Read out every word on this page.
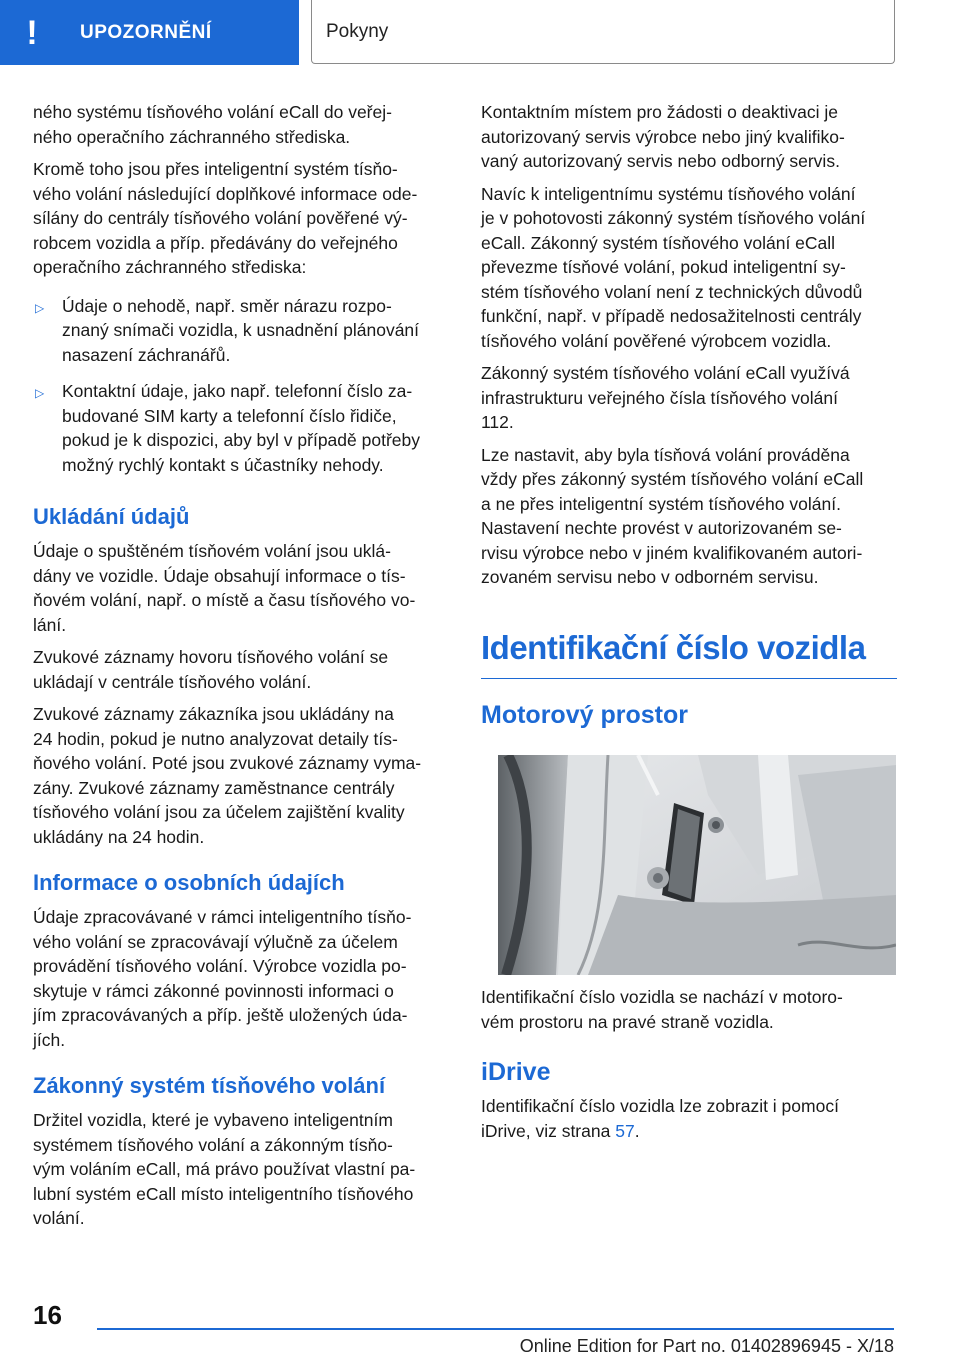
!	UPOZORNĚNÍ	Pokyny

ného systému tísňového volání eCall do veřej-
ného operačního záchranného střediska.

Kromě toho jsou přes inteligentní systém tísňo-
vého volání následující doplňkové informace ode-
sílány do centrály tísňového volání pověřené vý-
robcem vozidla a příp. předávány do veřejného
operačního záchranného střediska:

▷ Údaje o nehodě, např. směr nárazu rozpo-
znaný snímači vozidla, k usnadnění plánování
nasazení záchranářů.
▷ Kontaktní údaje, jako např. telefonní číslo za-
budované SIM karty a telefonní číslo řidiče,
pokud je k dispozici, aby byl v případě potřeby
možný rychlý kontakt s účastníky nehody.
Ukládání údajů

Údaje o spuštěném tísňovém volání jsou uklá-
dány ve vozidle. Údaje obsahují informace o tís-
ňovém volání, např. o místě a času tísňového vo-
lání.

Zvukové záznamy hovoru tísňového volání se
ukládají v centrále tísňového volání.

Zvukové záznamy zákazníka jsou ukládány na
24 hodin, pokud je nutno analyzovat detaily tís-
ňového volání. Poté jsou zvukové záznamy vyma-
zány. Zvukové záznamy zaměstnance centrály
tísňového volání jsou za účelem zajištění kvality
ukládány na 24 hodin.

Informace o osobních údajích

Údaje zpracovávané v rámci inteligentního tísňo-
vého volání se zpracovávají výlučně za účelem
provádění tísňového volání. Výrobce vozidla po-
skytuje v rámci zákonné povinnosti informaci o
jím zpracovávaných a příp. ještě uložených úda-
jích.

Zákonný systém tísňového volání

Držitel vozidla, které je vybaveno inteligentním
systémem tísňového volání a zákonným tísňo-
vým voláním eCall, má právo používat vlastní pa-
lubní systém eCall místo inteligentního tísňového
volání.

Kontaktním místem pro žádosti o deaktivaci je
autorizovaný servis výrobce nebo jiný kvalifiko-
vaný autorizovaný servis nebo odborný servis.

Navíc k inteligentnímu systému tísňového volání
je v pohotovosti zákonný systém tísňového volání
eCall. Zákonný systém tísňového volání eCall
převezme tísňové volání, pokud inteligentní sy-
stém tísňového volaní není z technických důvodů
funkční, např. v případě nedosažitelnosti centrály
tísňového volání pověřené výrobcem vozidla.

Zákonný systém tísňového volání eCall využívá
infrastrukturu veřejného čísla tísňového volání
112.

Lze nastavit, aby byla tísňová volání prováděna
vždy přes zákonný systém tísňového volání eCall
a ne přes inteligentní systém tísňového volání.
Nastavení nechte provést v autorizovaném se-
rvisu výrobce nebo v jiném kvalifikovaném autori-
zovaném servisu nebo v odborném servisu.

Identifikační číslo vozidla
Motorový prostor

Identifikační číslo vozidla se nachází v motoro-
vém prostoru na pravé straně vozidla.

iDrive

Identifikační číslo vozidla lze zobrazit i pomocí
iDrive, viz strana 57.

16
Online Edition for Part no. 01402896945 - X/18
